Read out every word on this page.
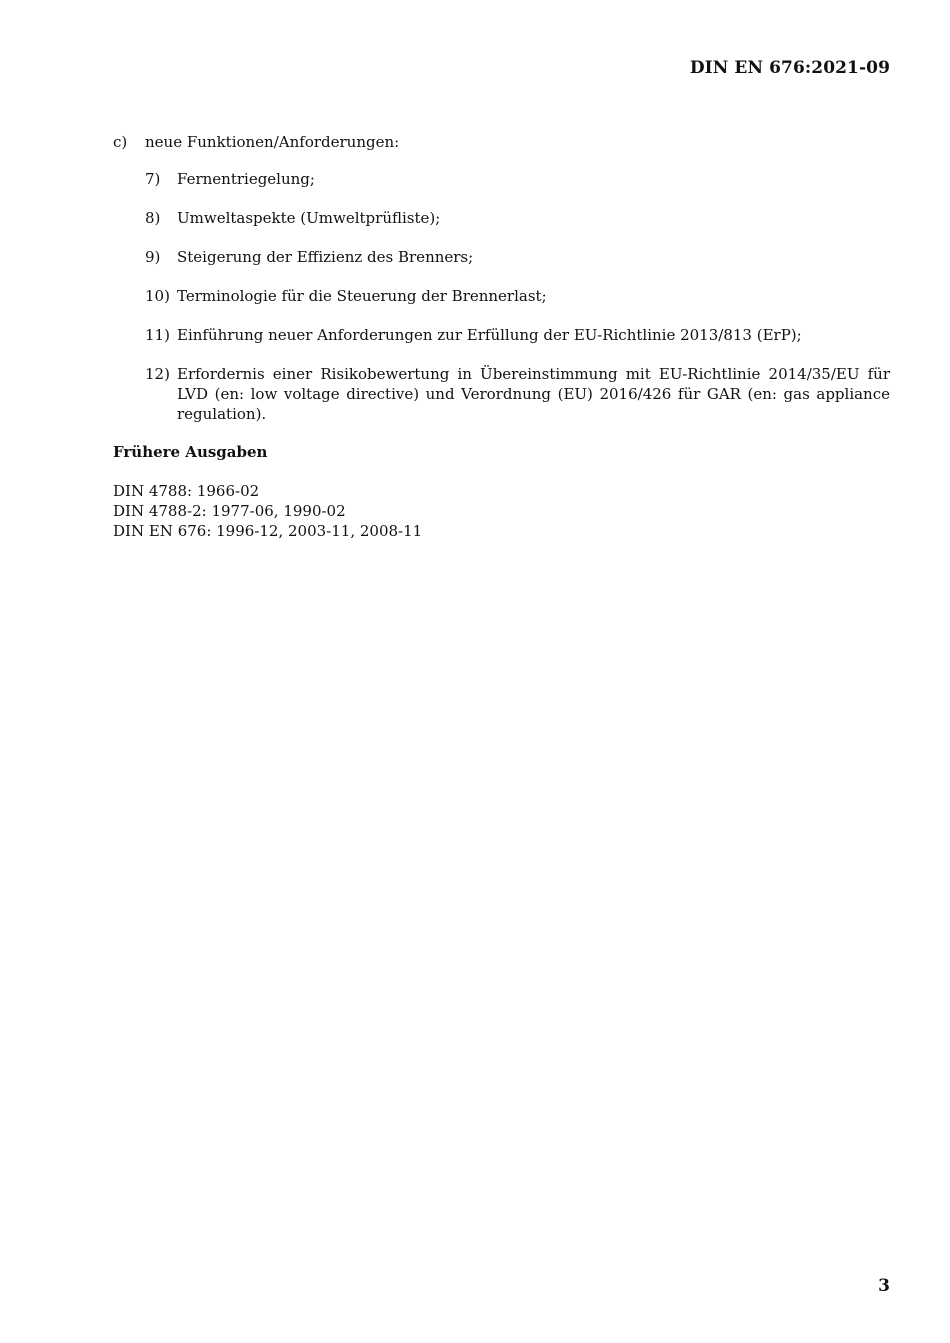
DIN EN 676:2021-09
c)	neue Funktionen/Anforderungen:
7)	Fernentriegelung;
8)	Umweltaspekte (Umweltprüfliste);
9)	Steigerung der Effizienz des Brenners;
10) Terminologie für die Steuerung der Brennerlast;
11) Einführung neuer Anforderungen zur Erfüllung der EU-Richtlinie 2013/813 (ErP);
12) Erfordernis einer Risikobewertung in Übereinstimmung mit EU-Richtlinie 2014/35/EU für LVD (en: low voltage directive) und Verordnung (EU) 2016/426 für GAR (en: gas appliance regulation).
Frühere Ausgaben
DIN 4788: 1966-02
DIN 4788-2: 1977-06, 1990-02
DIN EN 676: 1996-12, 2003-11, 2008-11
3
